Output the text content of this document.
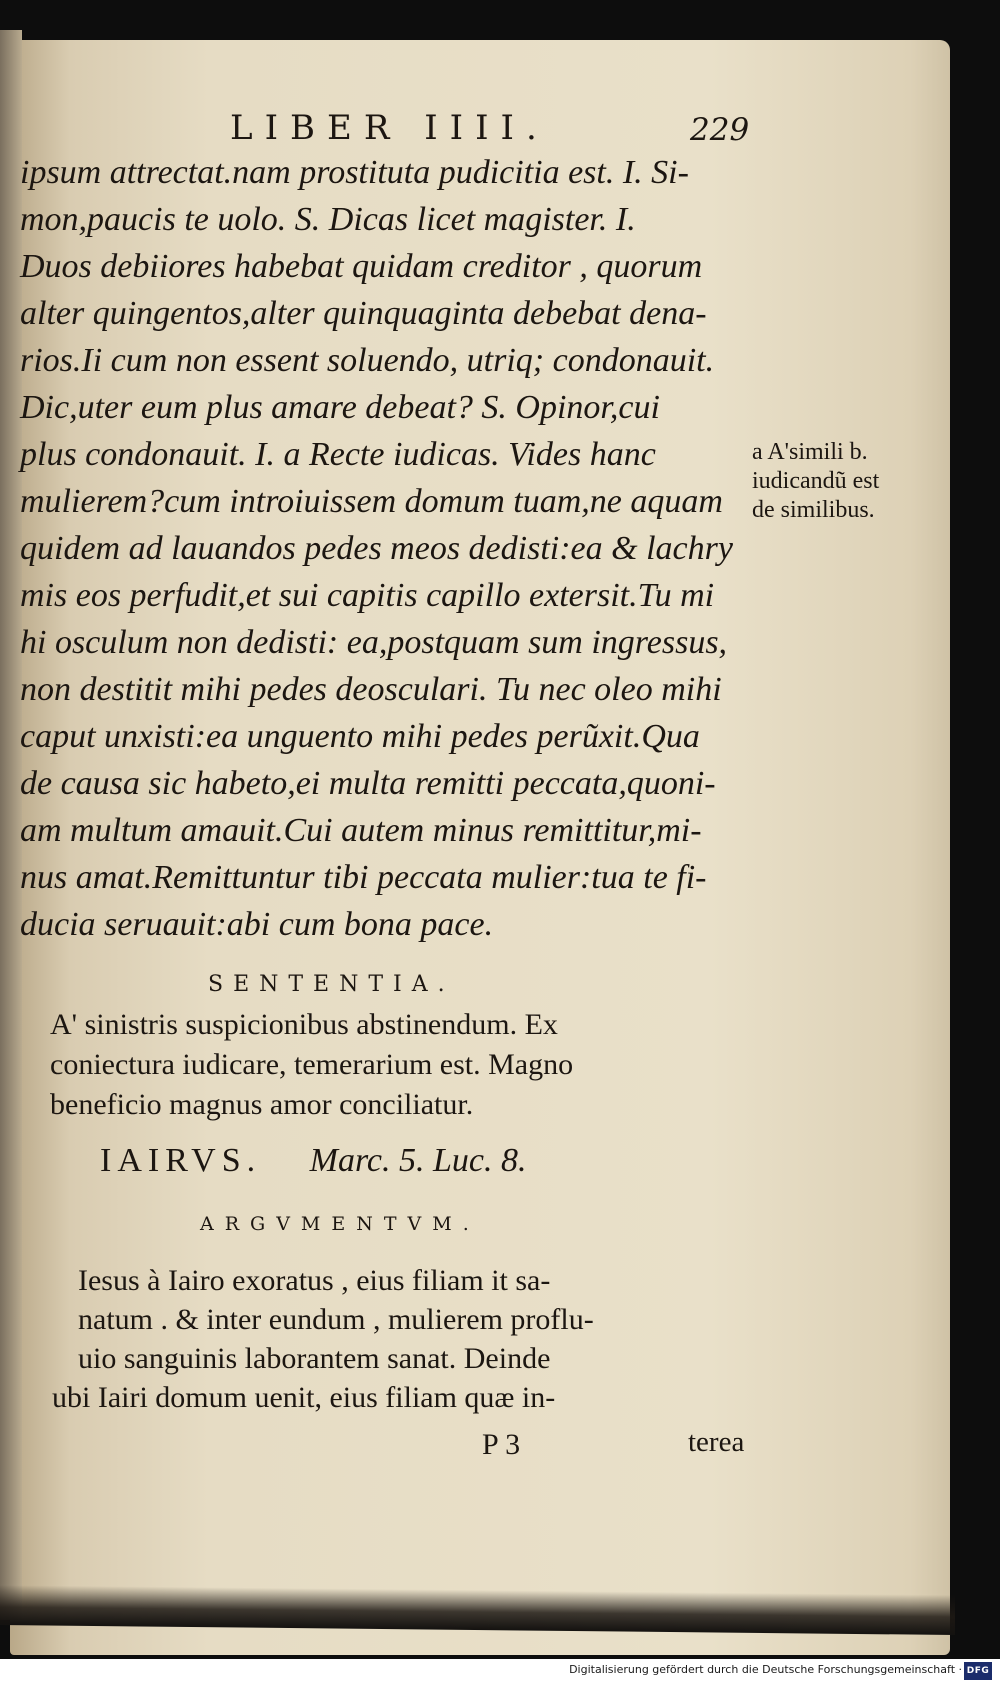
LIBER IIII.	229
ipsum attrectat.nam prostituta pudicitia est. I. Si-
mon,paucis te uolo. S. Dicas licet magister. I.
Duos debiiores habebat quidam creditor , quorum
alter quingentos,alter quinquaginta debebat dena-
rios.Ii cum non essent soluendo, utriq; condonauit.
Dic,uter eum plus amare debeat? S. Opinor,cui
plus condonauit. I. a Recte iudicas. Vides hanc
mulierem?cum introiuissem domum tuam,ne aquam
quidem ad lauandos pedes meos dedisti:ea & lachry
mis eos perfudit,et sui capitis capillo extersit.Tu mi
hi osculum non dedisti: ea,postquam sum ingressus,
non destitit mihi pedes deosculari. Tu nec oleo mihi
caput unxisti:ea unguento mihi pedes perũxit.Qua
de causa sic habeto,ei multa remitti peccata,quoni-
am multum amauit.Cui autem minus remittitur,mi-
nus amat.Remittuntur tibi peccata mulier:tua te fi-
ducia seruauit:abi cum bona pace.
a A'simili b.
iudicandũ est
de similibus.
SENTENTIA.
A' sinistris suspicionibus abstinendum. Ex
coniectura iudicare, temerarium est. Magno
beneficio magnus amor conciliatur.
IAIRVS. Marc. 5. Luc. 8.
ARGVMENTVM.
Iesus à Iairo exoratus , eius filiam it sa-
natum . & inter eundum , mulierem proflu-
uio sanguinis laborantem sanat. Deinde
ubi Iairi domum uenit, eius filiam quæ in-
P 3	terea
Digitalisierung gefördert durch die Deutsche Forschungsgemeinschaft · DFG
